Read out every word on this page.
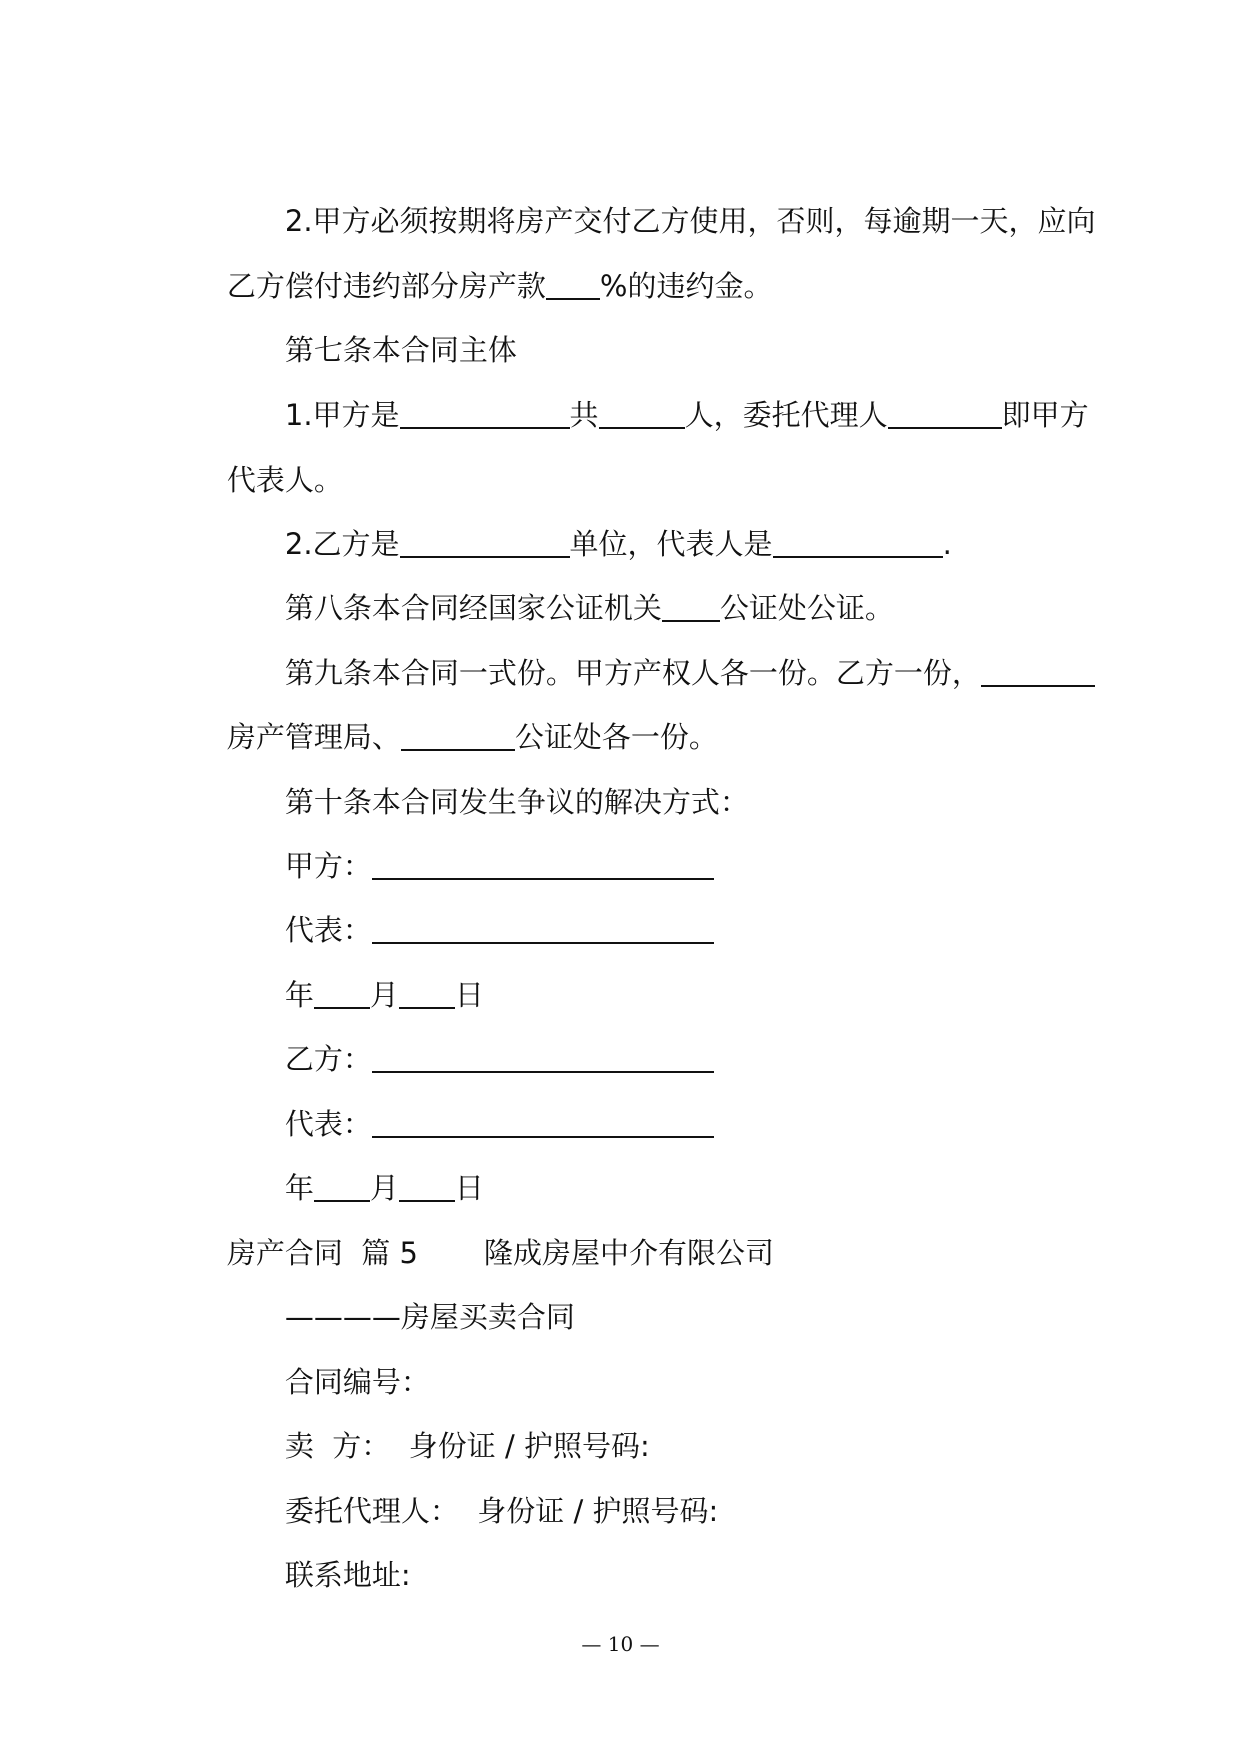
2.甲方必须按期将房产交付乙方使用，否则，每逾期一天，应向

乙方偿付违约部分房产款 %的违约金。

第七条本合同主体

1.甲方是	共	人，委托代理人	即甲方

代表人。

2.乙方是	单位，代表人是	.

第八条本合同经国家公证机关 公证处公证。

第九条本合同一式份。甲方产权人各一份。乙方一份，

房产管理局、	公证处各一份。

第十条本合同发生争议的解决方式：

甲方：

代表：

年 月 日

乙方：

代表：

年 月 日

房产合同  篇 5 隆成房屋中介有限公司

————房屋买卖合同

合同编号：

卖  方：  身份证 / 护照号码:

委托代理人：  身份证 / 护照号码:

联系地址:

— 10 —
